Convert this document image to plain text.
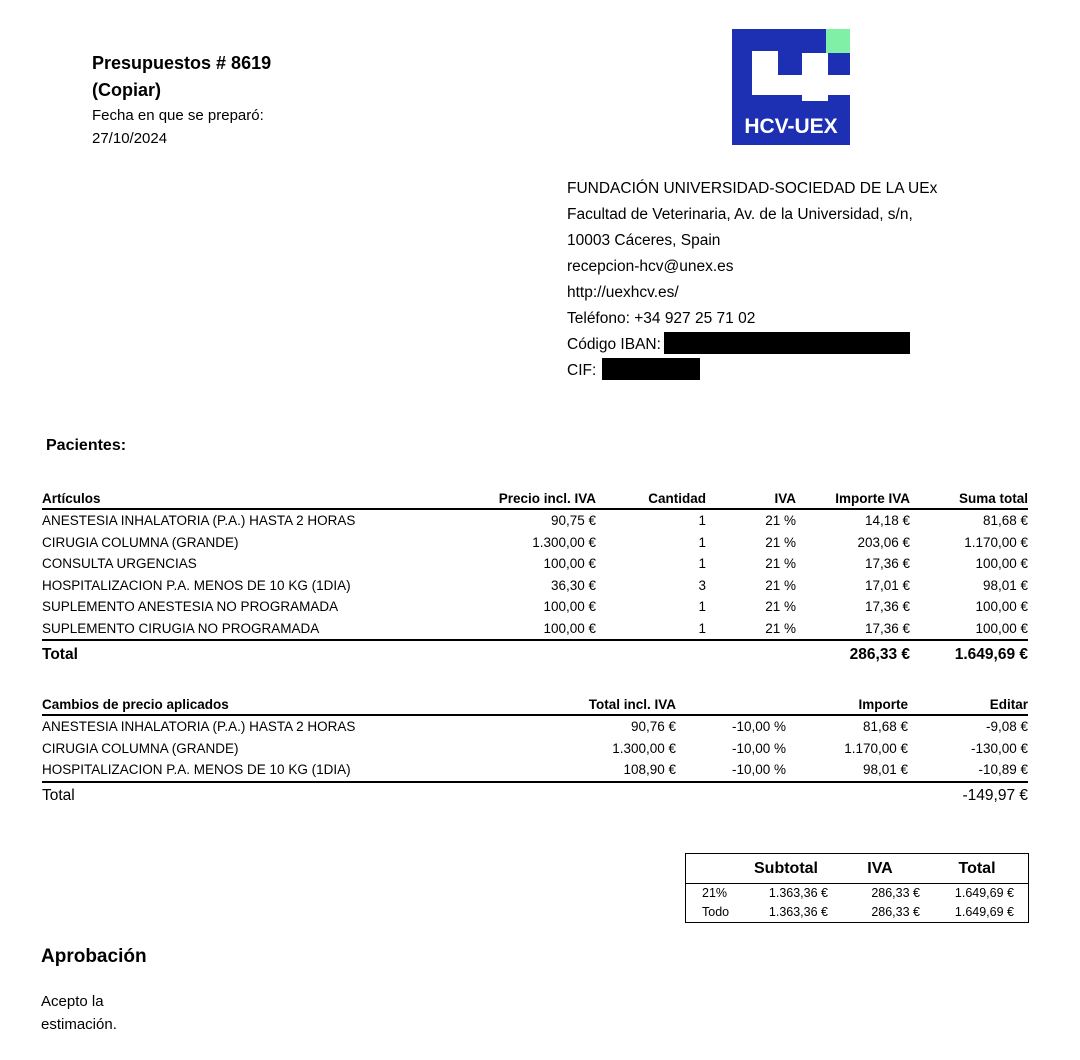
Presupuestos # 8619
(Copiar)
Fecha en que se preparó:
27/10/2024
HCV-UEX
FUNDACIÓN UNIVERSIDAD-SOCIEDAD DE LA UEx
Facultad de Veterinaria, Av. de la Universidad, s/n,
10003 Cáceres, Spain
recepcion-hcv@unex.es
http://uexhcv.es/
Teléfono: +34 927 25 71 02
Código IBAN:
CIF:
Pacientes:
Artículos	Precio incl. IVA	Cantidad	IVA	Importe IVA	Suma total
ANESTESIA INHALATORIA (P.A.) HASTA 2 HORAS	90,75 €	1	21 %	14,18 €	81,68 €
CIRUGIA COLUMNA (GRANDE)	1.300,00 €	1	21 %	203,06 €	1.170,00 €
CONSULTA URGENCIAS	100,00 €	1	21 %	17,36 €	100,00 €
HOSPITALIZACION P.A. MENOS DE 10 KG (1DIA)	36,30 €	3	21 %	17,01 €	98,01 €
SUPLEMENTO ANESTESIA NO PROGRAMADA	100,00 €	1	21 %	17,36 €	100,00 €
SUPLEMENTO CIRUGIA NO PROGRAMADA	100,00 €	1	21 %	17,36 €	100,00 €
Total				286,33 €	1.649,69 €
Cambios de precio aplicados	Total incl. IVA		Importe	Editar
ANESTESIA INHALATORIA (P.A.) HASTA 2 HORAS	90,76 €	-10,00 %	81,68 €	-9,08 €
CIRUGIA COLUMNA (GRANDE)	1.300,00 €	-10,00 %	1.170,00 €	-130,00 €
HOSPITALIZACION P.A. MENOS DE 10 KG (1DIA)	108,90 €	-10,00 %	98,01 €	-10,89 €
Total				-149,97 €
	Subtotal	IVA	Total
21%	1.363,36 €	286,33 €	1.649,69 €
Todo	1.363,36 €	286,33 €	1.649,69 €
Aprobación
Acepto la
estimación.
